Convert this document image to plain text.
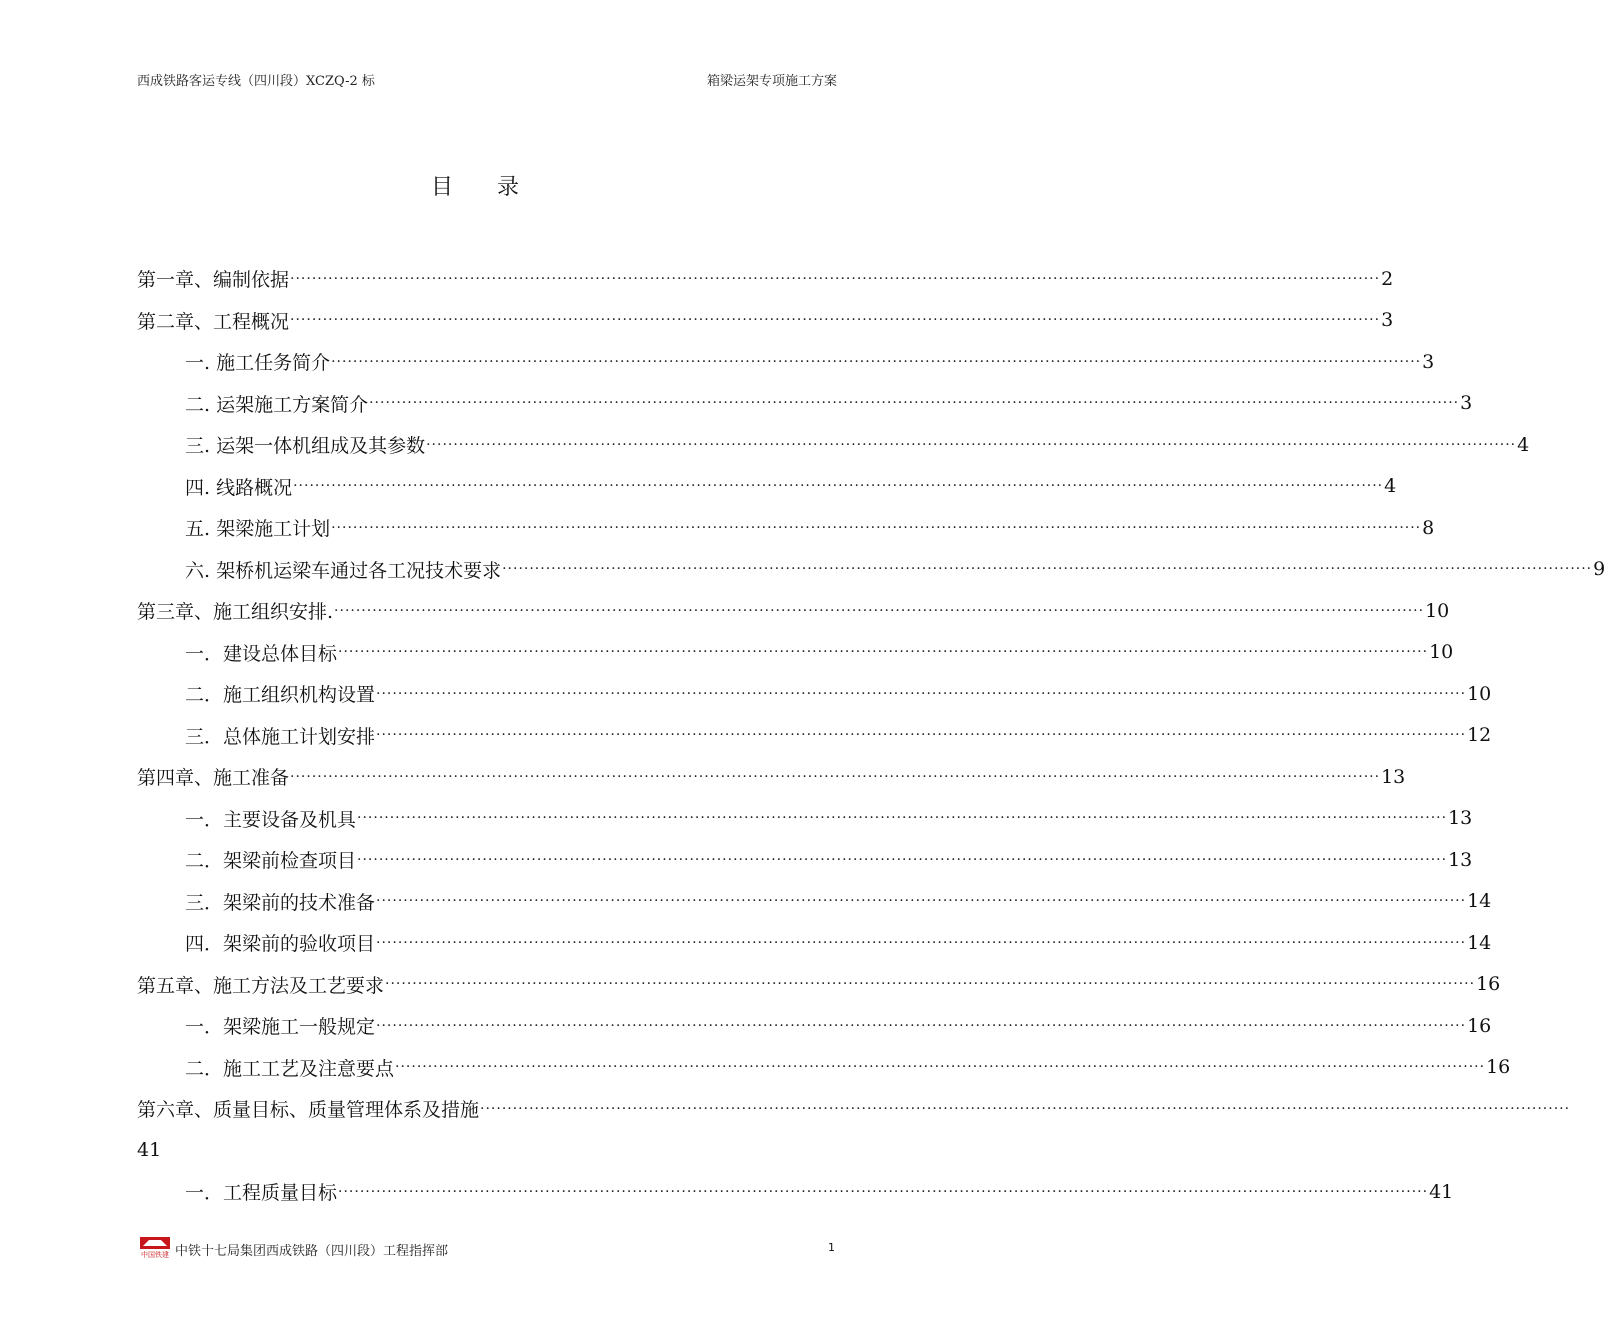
西成铁路客运专线（四川段）XCZQ-2 标	箱梁运架专项施工方案
目 录
第一章、编制依据 ········································································································································································································ 2
第二章、工程概况 ········································································································································································································ 3
一. 施工任务简介 ········································································································································································································ 3
二. 运架施工方案简介 ········································································································································································································ 3
三. 运架一体机组成及其参数 ········································································································································································································ 4
四. 线路概况 ········································································································································································································ 4
五. 架梁施工计划 ········································································································································································································ 8
六. 架桥机运梁车通过各工况技术要求 ········································································································································································································ 9
第三章、施工组织安排. ········································································································································································································ 10
一．建设总体目标 ········································································································································································································ 10
二．施工组织机构设置 ········································································································································································································ 10
三．总体施工计划安排 ········································································································································································································ 12
第四章、施工准备 ········································································································································································································ 13
一．主要设备及机具 ········································································································································································································ 13
二．架梁前检查项目 ········································································································································································································ 13
三．架梁前的技术准备 ········································································································································································································ 14
四．架梁前的验收项目 ········································································································································································································ 14
第五章、施工方法及工艺要求 ········································································································································································································ 16
一．架梁施工一般规定 ········································································································································································································ 16
二．施工工艺及注意要点 ········································································································································································································ 16
第六章、质量目标、质量管理体系及措施 ········································································································································································································
41
一．工程质量目标 ········································································································································································································ 41
中国铁建 中铁十七局集团西成铁路（四川段）工程指挥部	1
